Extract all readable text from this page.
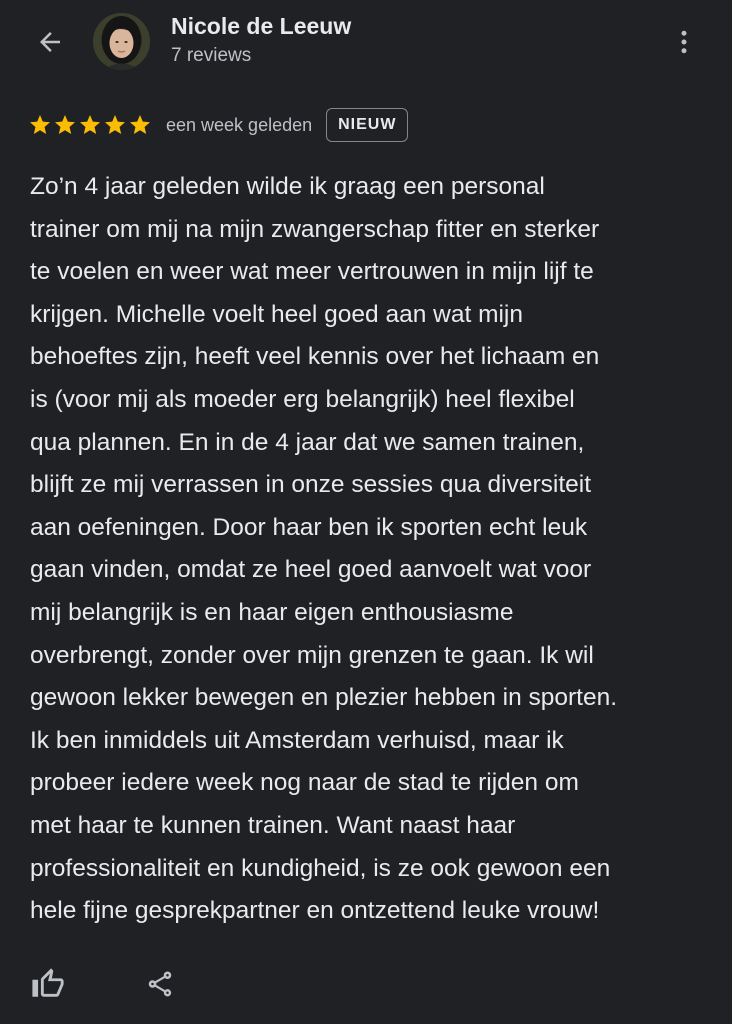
Nicole de Leeuw
7 reviews
een week geleden	NIEUW
Zo’n 4 jaar geleden wilde ik graag een personal
trainer om mij na mijn zwangerschap fitter en sterker
te voelen en weer wat meer vertrouwen in mijn lijf te
krijgen. Michelle voelt heel goed aan wat mijn
behoeftes zijn, heeft veel kennis over het lichaam en
is (voor mij als moeder erg belangrijk) heel flexibel
qua plannen. En in de 4 jaar dat we samen trainen,
blijft ze mij verrassen in onze sessies qua diversiteit
aan oefeningen. Door haar ben ik sporten echt leuk
gaan vinden, omdat ze heel goed aanvoelt wat voor
mij belangrijk is en haar eigen enthousiasme
overbrengt, zonder over mijn grenzen te gaan. Ik wil
gewoon lekker bewegen en plezier hebben in sporten.
Ik ben inmiddels uit Amsterdam verhuisd, maar ik
probeer iedere week nog naar de stad te rijden om
met haar te kunnen trainen. Want naast haar
professionaliteit en kundigheid, is ze ook gewoon een
hele fijne gesprekpartner en ontzettend leuke vrouw!
